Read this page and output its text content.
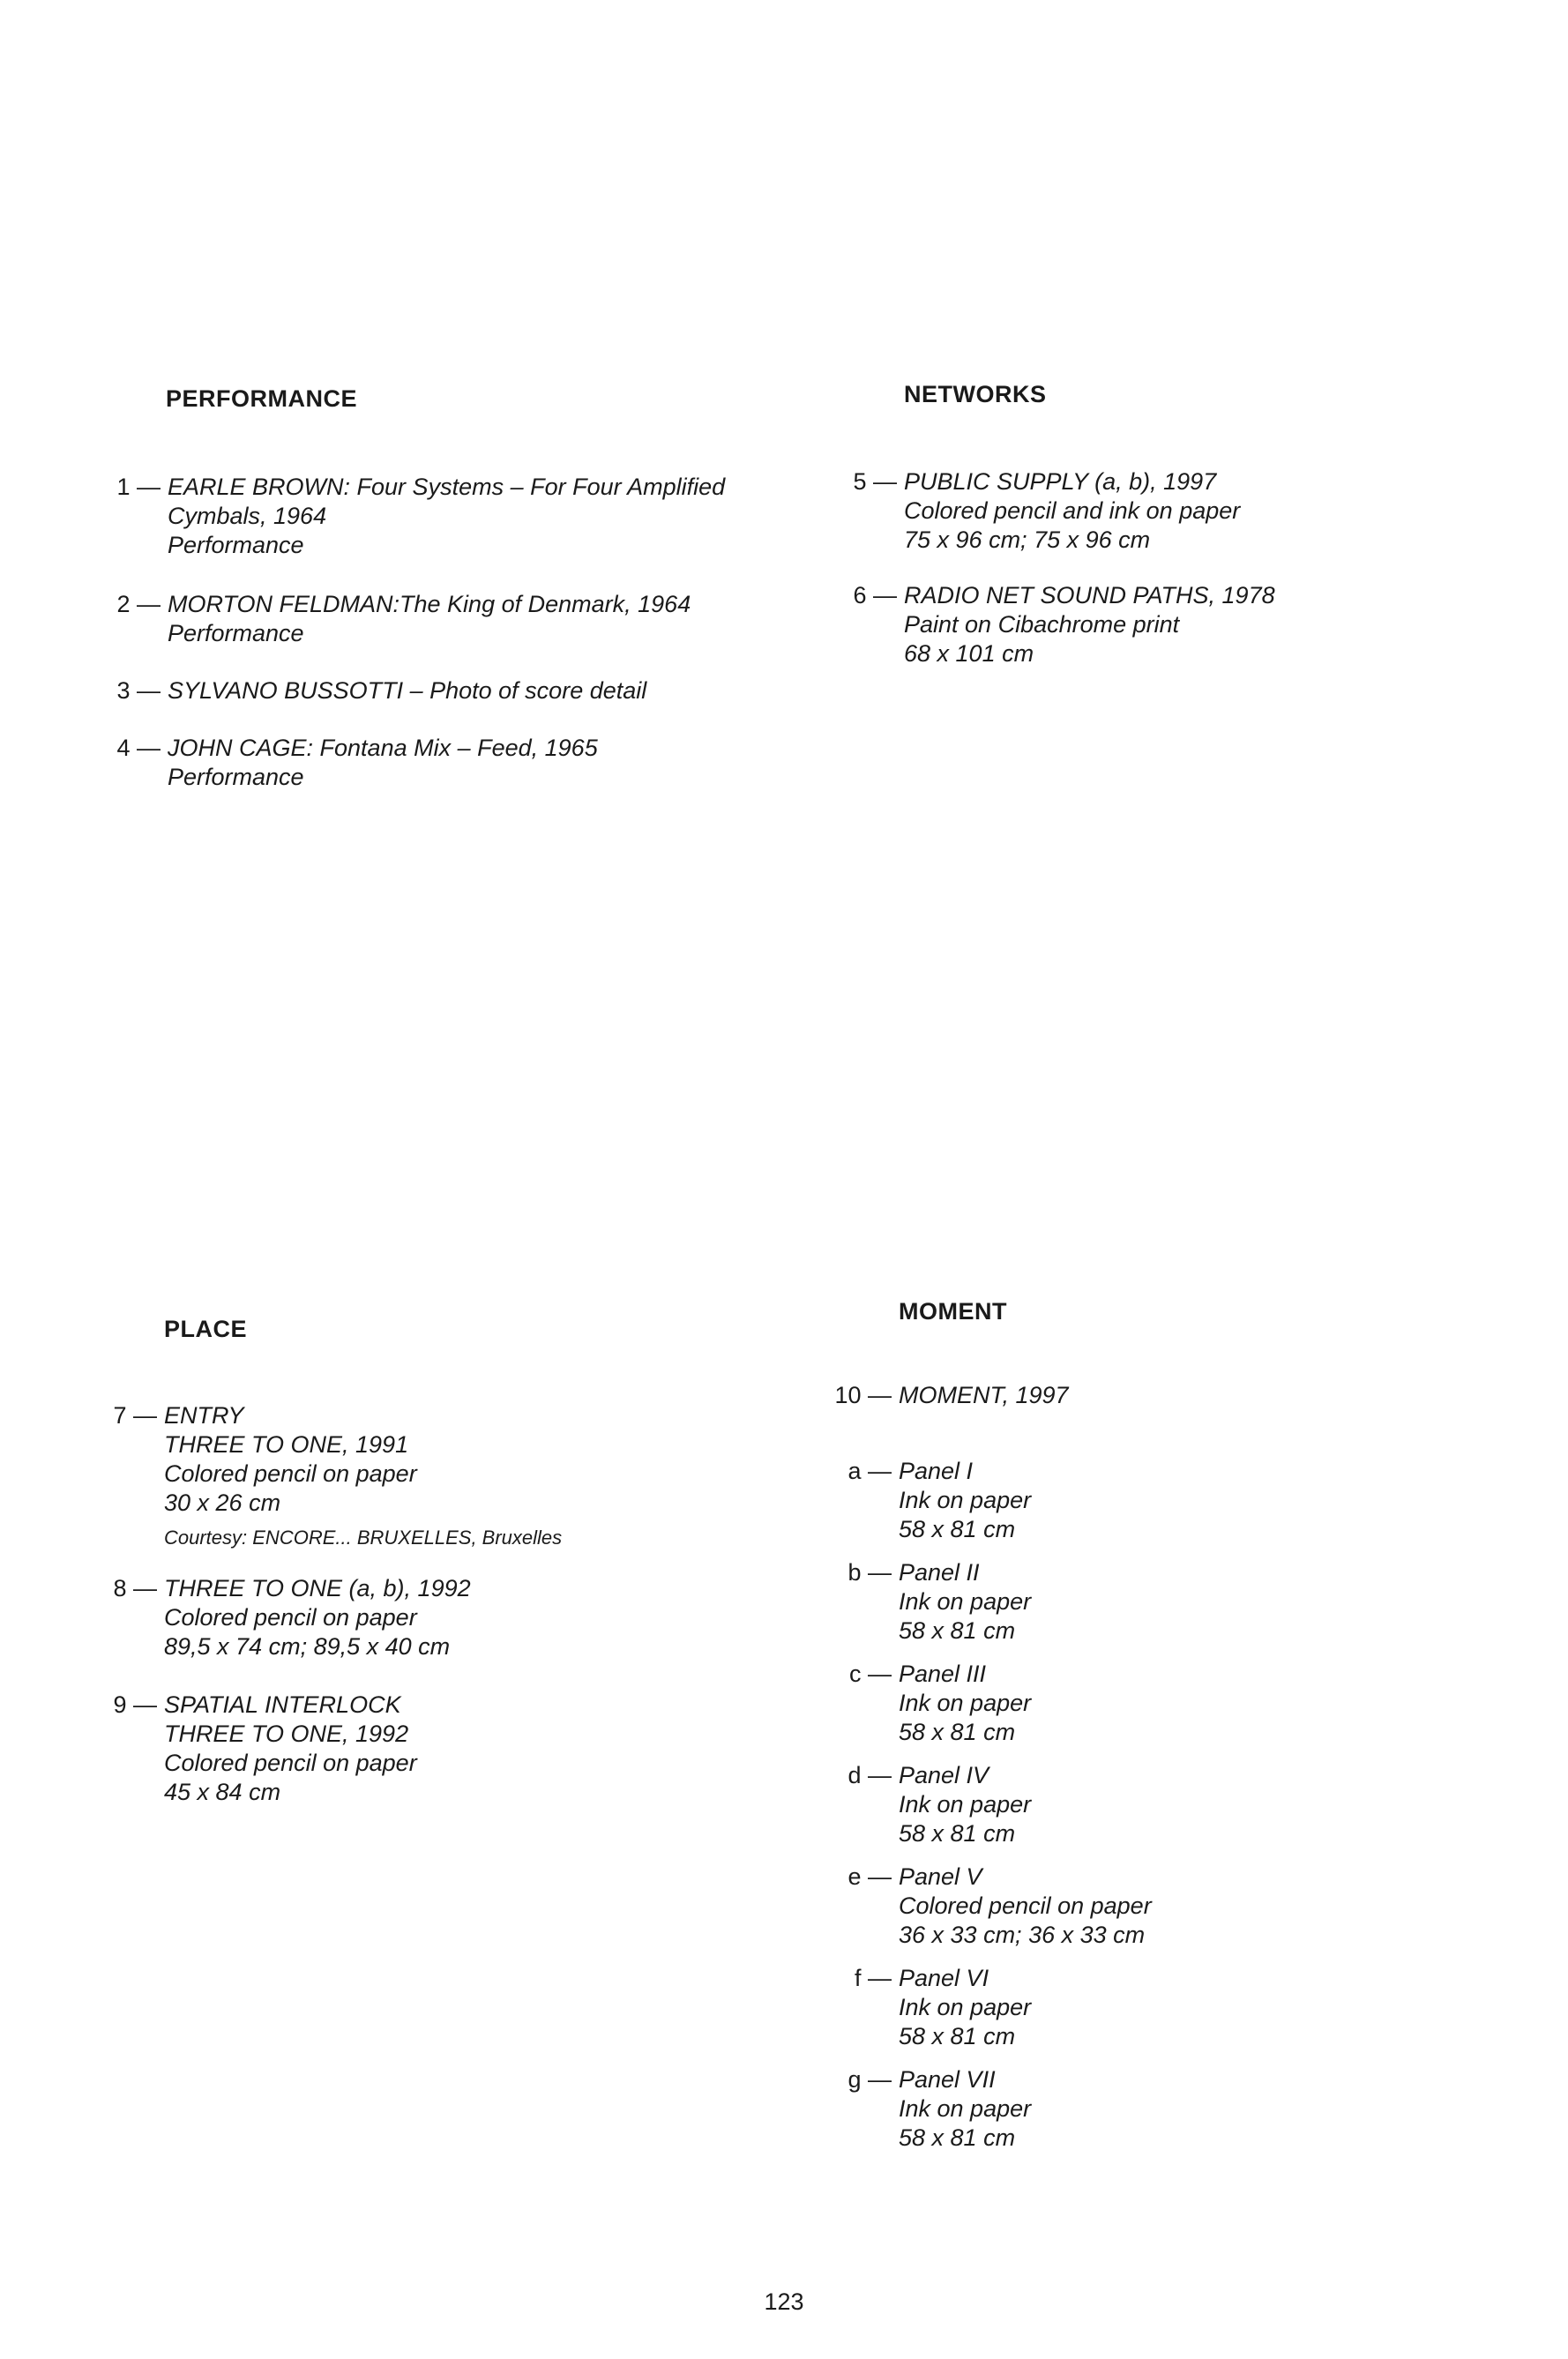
PERFORMANCE
1 — EARLE BROWN: Four Systems – For Four Amplified
Cymbals, 1964
Performance
2 — MORTON FELDMAN:The King of Denmark, 1964
Performance
3 — SYLVANO BUSSOTTI – Photo of score detail
4 — JOHN CAGE: Fontana Mix – Feed, 1965
Performance
NETWORKS
5 — PUBLIC SUPPLY (a, b), 1997
Colored pencil and ink on paper
75 x 96 cm; 75 x 96 cm
6 — RADIO NET SOUND PATHS, 1978
Paint on Cibachrome print
68 x 101 cm
PLACE
7 — ENTRY
THREE TO ONE, 1991
Colored pencil on paper
30 x 26 cm
Courtesy: ENCORE... BRUXELLES, Bruxelles
8 — THREE TO ONE (a, b), 1992
Colored pencil on paper
89,5 x 74 cm; 89,5 x 40 cm
9 — SPATIAL INTERLOCK
THREE TO ONE, 1992
Colored pencil on paper
45 x 84 cm
MOMENT
10 — MOMENT, 1997
a — Panel I
Ink on paper
58 x 81 cm
b — Panel II
Ink on paper
58 x 81 cm
c — Panel III
Ink on paper
58 x 81 cm
d — Panel IV
Ink on paper
58 x 81 cm
e — Panel V
Colored pencil on paper
36 x 33 cm; 36 x 33 cm
f — Panel VI
Ink on paper
58 x 81 cm
g — Panel VII
Ink on paper
58 x 81 cm
123
